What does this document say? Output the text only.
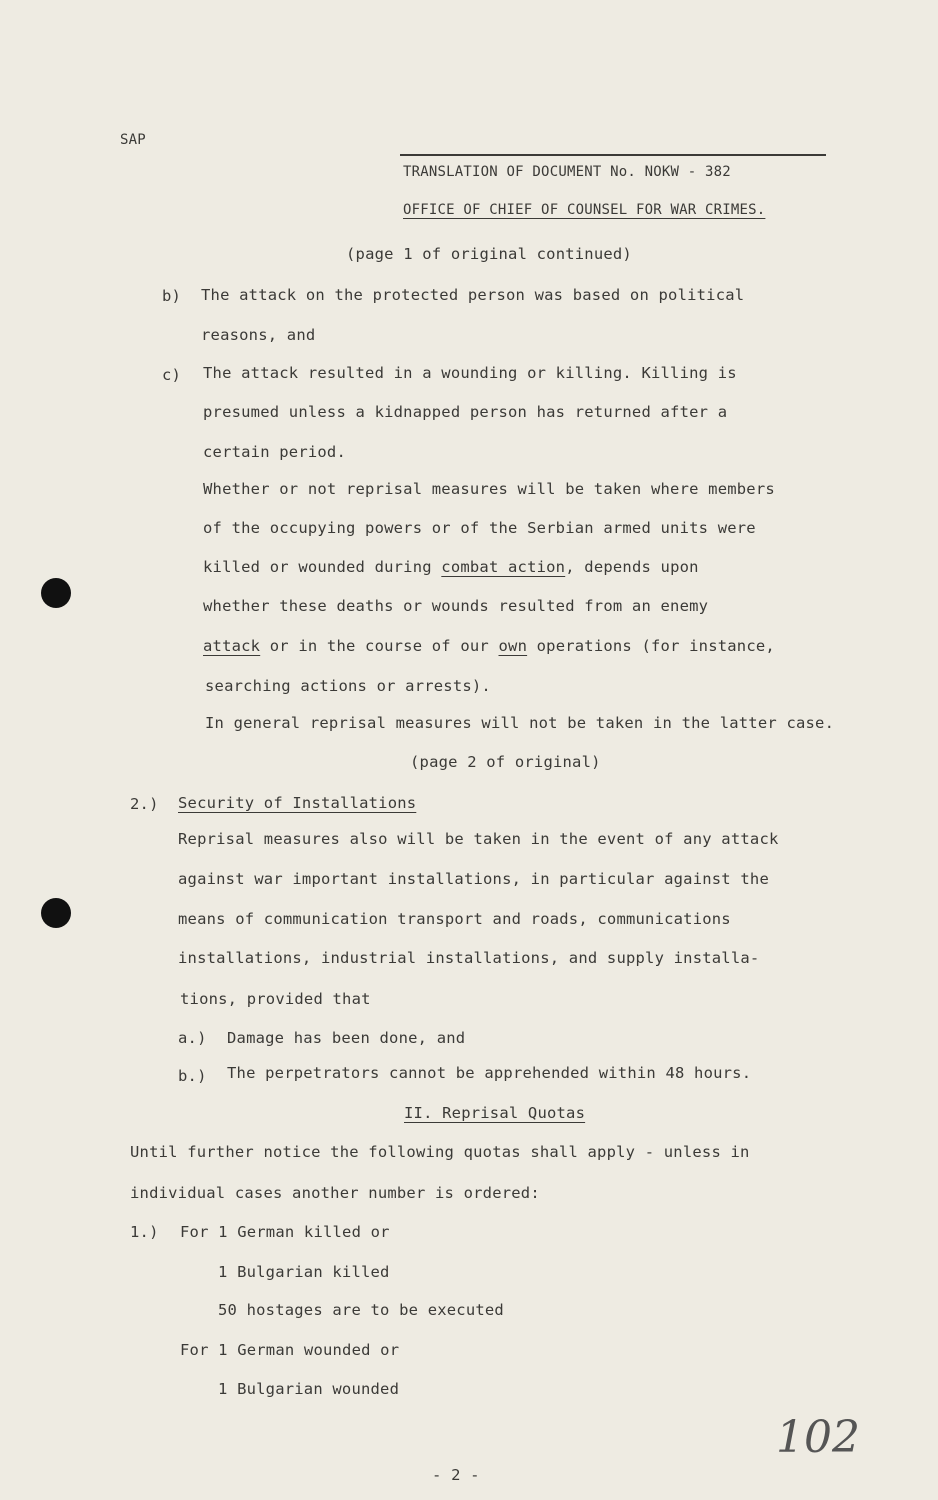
SAP
TRANSLATION OF DOCUMENT No. NOKW - 382
OFFICE OF CHIEF OF COUNSEL FOR WAR CRIMES.
(page 1 of original continued)
b) The attack on the protected person was based on political
reasons, and
c) The attack resulted in a wounding or killing. Killing is
presumed unless a kidnapped person has returned after a
certain period.
Whether or not reprisal measures will be taken where members
of the occupying powers or of the Serbian armed units were
killed or wounded during combat action, depends upon
whether these deaths or wounds resulted from an enemy
attack or in the course of our own operations (for instance,
searching actions or arrests).
In general reprisal measures will not be taken in the latter case.
(page 2 of original)
2.) Security of Installations
Reprisal measures also will be taken in the event of any attack
against war important installations, in particular against the
means of communication transport and roads, communications
installations, industrial installations, and supply installa-
tions, provided that
a.) Damage has been done, and
b.) The perpetrators cannot be apprehended within 48 hours.
II. Reprisal Quotas
Until further notice the following quotas shall apply - unless in
individual cases another number is ordered:
1.) For 1 German killed or
1 Bulgarian killed
50 hostages are to be executed
For 1 German wounded or
1 Bulgarian wounded
- 2 -
102
